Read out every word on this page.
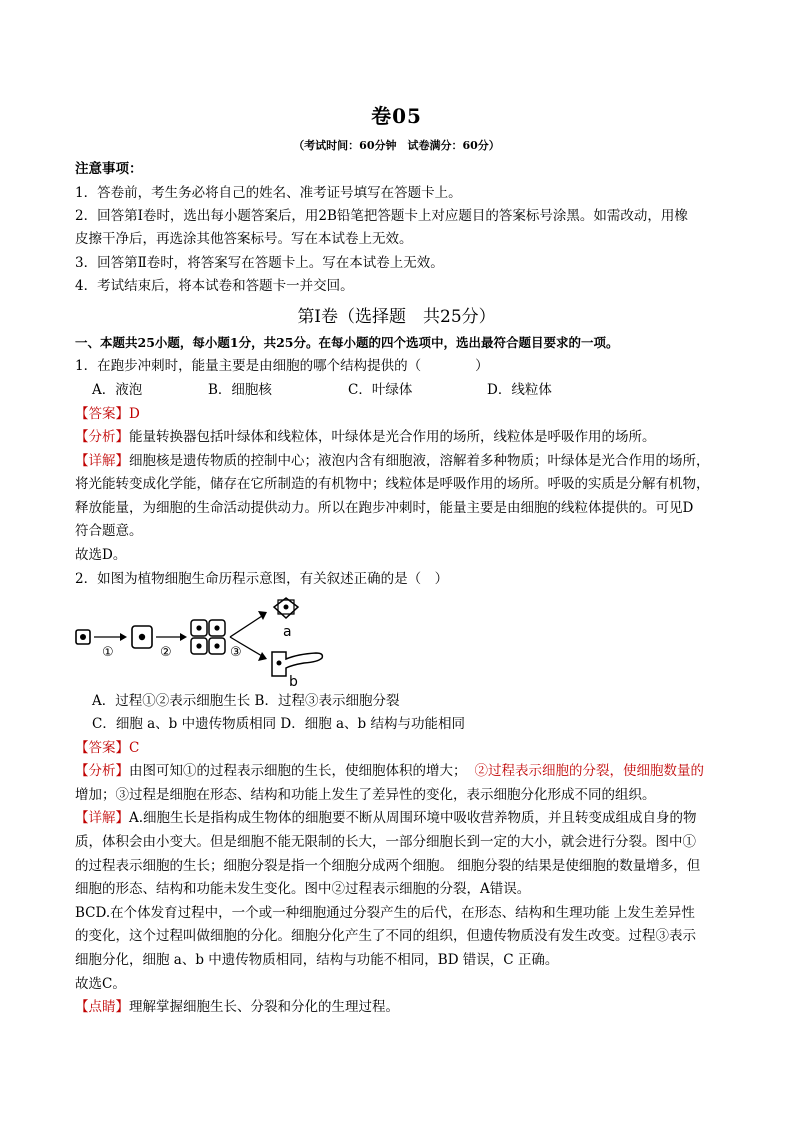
卷05
（考试时间：60分钟　试卷满分：60分）
注意事项：
1．答卷前，考生务必将自己的姓名、准考证号填写在答题卡上。
2．回答第Ⅰ卷时，选出每小题答案后，用2B铅笔把答题卡上对应题目的答案标号涂黑。如需改动，用橡
皮擦干净后，再选涂其他答案标号。写在本试卷上无效。
3．回答第Ⅱ卷时，将答案写在答题卡上。写在本试卷上无效。
4．考试结束后，将本试卷和答题卡一并交回。
第Ⅰ卷（选择题　共25分）
一、本题共25小题，每小题1分，共25分。在每小题的四个选项中，选出最符合题目要求的一项。
1．在跑步冲刺时，能量主要是由细胞的哪个结构提供的（　　　　）
A．液泡	B．细胞核	C．叶绿体	D．线粒体
【答案】D
【分析】能量转换器包括叶绿体和线粒体，叶绿体是光合作用的场所，线粒体是呼吸作用的场所。
【详解】细胞核是遗传物质的控制中心；液泡内含有细胞液，溶解着多种物质；叶绿体是光合作用的场所，
将光能转变成化学能，储存在它所制造的有机物中；线粒体是呼吸作用的场所。呼吸的实质是分解有机物，
释放能量，为细胞的生命活动提供动力。所以在跑步冲刺时，能量主要是由细胞的线粒体提供的。可见D
符合题意。
故选D。
2．如图为植物细胞生命历程示意图，有关叙述正确的是（　）
①	②	③
a
b
A．过程①②表示细胞生长 B．过程③表示细胞分裂
C．细胞 a、b 中遗传物质相同 D．细胞 a、b 结构与功能相同
【答案】C
【分析】由图可知①的过程表示细胞的生长，使细胞体积的增大； ②过程表示细胞的分裂，使细胞数量的
增加；③过程是细胞在形态、结构和功能上发生了差异性的变化，表示细胞分化形成不同的组织。
【详解】A.细胞生长是指构成生物体的细胞要不断从周围环境中吸收营养物质，并且转变成组成自身的物
质，体积会由小变大。但是细胞不能无限制的长大，一部分细胞长到一定的大小，就会进行分裂。图中①
的过程表示细胞的生长；细胞分裂是指一个细胞分成两个细胞。 细胞分裂的结果是使细胞的数量增多，但
细胞的形态、结构和功能未发生变化。图中②过程表示细胞的分裂，A错误。
BCD.在个体发育过程中，一个或一种细胞通过分裂产生的后代，在形态、结构和生理功能 上发生差异性
的变化，这个过程叫做细胞的分化。细胞分化产生了不同的组织，但遗传物质没有发生改变。过程③表示
细胞分化，细胞 a、b 中遗传物质相同，结构与功能不相同，BD 错误，C 正确。
故选C。
【点睛】理解掌握细胞生长、分裂和分化的生理过程。
